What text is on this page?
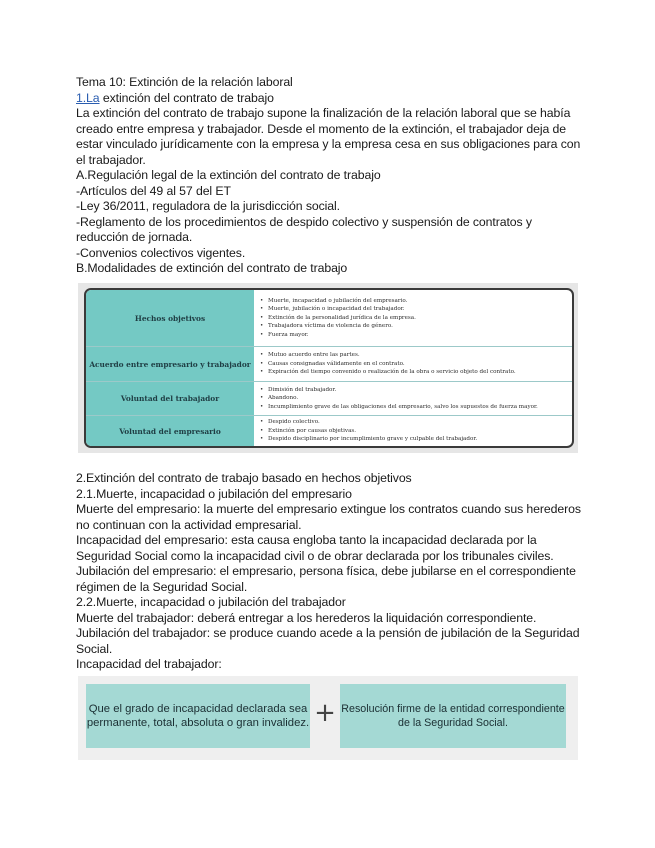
Tema 10: Extinción de la relación laboral

1.La extinción del contrato de trabajo

La extinción del contrato de trabajo supone la finalización de la relación laboral que se había creado entre empresa y trabajador. Desde el momento de la extinción, el trabajador deja de estar vinculado jurídicamente con la empresa y la empresa cesa en sus obligaciones para con el trabajador.

A.Regulación legal de la extinción del contrato de trabajo

-Artículos del 49 al 57 del ET

-Ley 36/2011, reguladora de la jurisdicción social.

-Reglamento de los procedimientos de despido colectivo y suspensión de contratos y reducción de jornada.

-Convenios colectivos vigentes.

B.Modalidades de extinción del contrato de trabajo

Hechos objetivos
• Muerte, incapacidad o jubilación del empresario.
• Muerte, jubilación o incapacidad del trabajador.
• Extinción de la personalidad jurídica de la empresa.
• Trabajadora víctima de violencia de género.
• Fuerza mayor.
Acuerdo entre empresario y trabajador
• Mutuo acuerdo entre las partes.
• Causas consignadas válidamente en el contrato.
• Expiración del tiempo convenido o realización de la obra o servicio objeto del contrato.
Voluntad del trabajador
• Dimisión del trabajador.
• Abandono.
• Incumplimiento grave de las obligaciones del empresario, salvo los supuestos de fuerza mayor.
Voluntad del empresario
• Despido colectivo.
• Extinción por causas objetivas.
• Despido disciplinario por incumplimiento grave y culpable del trabajador.

2.Extinción del contrato de trabajo basado en hechos objetivos

2.1.Muerte, incapacidad o jubilación del empresario

Muerte del empresario: la muerte del empresario extingue los contratos cuando sus herederos no continuan con la actividad empresarial.

Incapacidad del empresario: esta causa engloba tanto la incapacidad declarada por la Seguridad Social como la incapacidad civil o de obrar declarada por los tribunales civiles.

Jubilación del empresario: el empresario, persona física, debe jubilarse en el correspondiente régimen de la Seguridad Social.

2.2.Muerte, incapacidad o jubilación del trabajador

Muerte del trabajador: deberá entregar a los herederos la liquidación correspondiente.

Jubilación del trabajador: se produce cuando acede a la pensión de jubilación de la Seguridad Social.

Incapacidad del trabajador:

Que el grado de incapacidad declarada sea permanente, total, absoluta o gran invalidez. + Resolución firme de la entidad correspondiente de la Seguridad Social.
